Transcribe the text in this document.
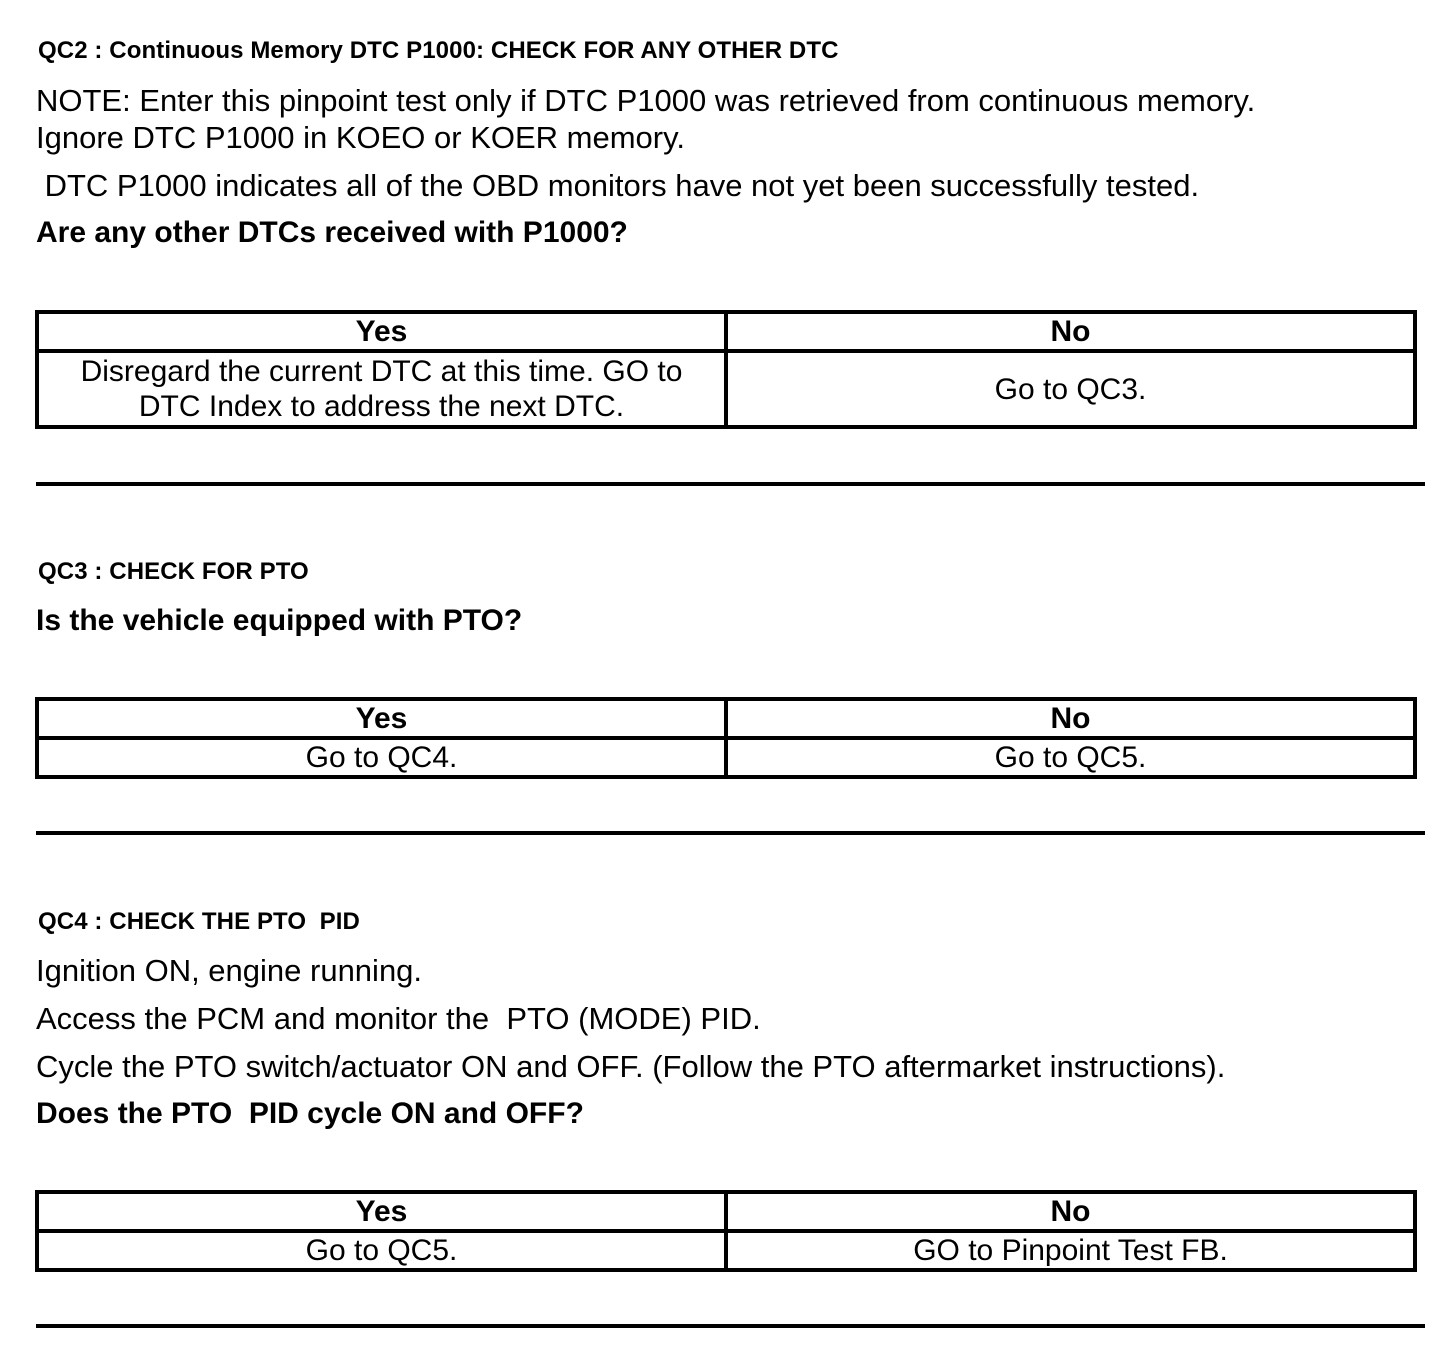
QC2 : Continuous Memory DTC P1000: CHECK FOR ANY OTHER DTC
NOTE: Enter this pinpoint test only if DTC P1000 was retrieved from continuous memory.
Ignore DTC P1000 in KOEO or KOER memory.
DTC P1000 indicates all of the OBD monitors have not yet been successfully tested.
Are any other DTCs received with P1000?
Yes	No

Disregard the current DTC at this time. GO to
DTC Index to address the next DTC.	Go to QC3.
QC3 : CHECK FOR PTO
Is the vehicle equipped with PTO?
Yes	No
Go to QC4.	Go to QC5.
QC4 : CHECK THE PTO  PID
Ignition ON, engine running.
Access the PCM and monitor the  PTO (MODE) PID.
Cycle the PTO switch/actuator ON and OFF. (Follow the PTO aftermarket instructions).
Does the PTO  PID cycle ON and OFF?
Yes	No
Go to QC5.	GO to Pinpoint Test FB.
